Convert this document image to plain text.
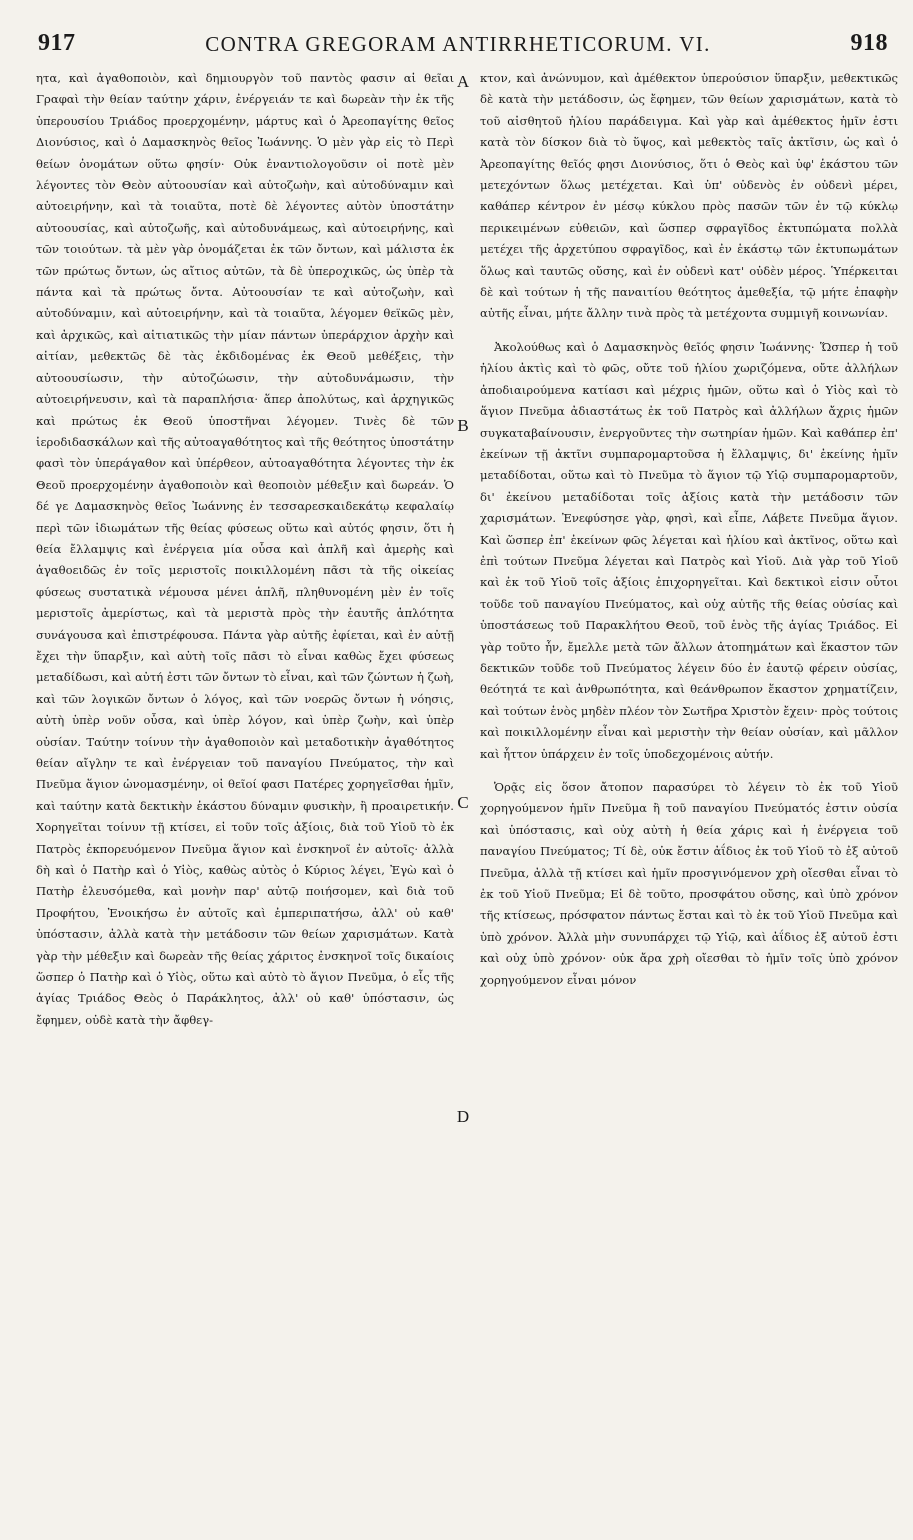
917	CONTRA GREGORAM ANTIRRHETICORUM. VI.	918

ητα, καὶ ἀγαθοποιὸν, καὶ δημιουργὸν τοῦ παντὸς φασιν αἱ θεῖαι Γραφαὶ τὴν θείαν ταύτην χάριν, ἐνέργειάν τε καὶ δωρεὰν τὴν ἐκ τῆς ὑπερουσίου Τριάδος προερχομένην, μάρτυς καὶ ὁ Ἀρεοπαγίτης θεῖος Διονύσιος, καὶ ὁ Δαμασκηνὸς θεῖος Ἰωάννης. Ὁ μὲν γὰρ εἰς τὸ Περὶ θείων ὀνομάτων οὕτω φησίν· Οὐκ ἐναντιολογοῦσιν οἱ ποτὲ μὲν λέγοντες τὸν Θεὸν αὐτοουσίαν καὶ αὐτοζωὴν, καὶ αὐτοδύναμιν καὶ αὐτοειρήνην, καὶ τὰ τοιαῦτα, ποτὲ δὲ λέγοντες αὐτὸν ὑποστάτην αὐτοουσίας, καὶ αὐτοζωῆς, καὶ αὐτοδυνάμεως, καὶ αὐτοειρήνης, καὶ τῶν τοιούτων. τὰ μὲν γὰρ ὀνομάζεται ἐκ τῶν ὄντων, καὶ μάλιστα ἐκ τῶν πρώτως ὄντων, ὡς αἴτιος αὐτῶν, τὰ δὲ ὑπεροχικῶς, ὡς ὑπὲρ τὰ πάντα καὶ τὰ πρώτως ὄντα. Αὐτοουσίαν τε καὶ αὐτοζωὴν, καὶ αὐτοδύναμιν, καὶ αὐτοειρήνην, καὶ τὰ τοιαῦτα, λέγομεν θεϊκῶς μὲν, καὶ ἀρχικῶς, καὶ αἰτιατικῶς τὴν μίαν πάντων ὑπεράρχιον ἀρχὴν καὶ αἰτίαν, μεθεκτῶς δὲ τὰς ἐκδιδομένας ἐκ Θεοῦ μεθέξεις, τὴν αὐτοουσίωσιν, τὴν αὐτοζώωσιν, τὴν αὐτοδυνάμωσιν, τὴν αὐτοειρήνευσιν, καὶ τὰ παραπλήσια· ἅπερ ἀπολύτως, καὶ ἀρχηγικῶς καὶ πρώτως ἐκ Θεοῦ ὑποστῆναι λέγομεν. Τινὲς δὲ τῶν ἱεροδιδασκάλων καὶ τῆς αὐτοαγαθότητος καὶ τῆς θεότητος ὑποστάτην φασὶ τὸν ὑπεράγαθον καὶ ὑπέρθεον, αὐτοαγαθότητα λέγοντες τὴν ἐκ Θεοῦ προερχομένην ἀγαθοποιὸν καὶ θεοποιὸν μέθεξιν καὶ δωρεάν. Ὁ δέ γε Δαμασκηνὸς θεῖος Ἰωάννης ἐν τεσσαρεσκαιδεκάτῳ κεφαλαίῳ περὶ τῶν ἰδιωμάτων τῆς θείας φύσεως οὕτω καὶ αὐτός φησιν, ὅτι ἡ θεία ἔλλαμψις καὶ ἐνέργεια μία οὖσα καὶ ἁπλῆ καὶ ἀμερὴς καὶ ἀγαθοειδῶς ἐν τοῖς μεριστοῖς ποικιλλομένη πᾶσι τὰ τῆς οἰκείας φύσεως συστατικὰ νέμουσα μένει ἁπλῆ, πληθυνομένη μὲν ἐν τοῖς μεριστοῖς ἀμερίστως, καὶ τὰ μεριστὰ πρὸς τὴν ἑαυτῆς ἁπλότητα συνάγουσα καὶ ἐπιστρέφουσα. Πάντα γὰρ αὐτῆς ἐφίεται, καὶ ἐν αὐτῇ ἔχει τὴν ὕπαρξιν, καὶ αὐτὴ τοῖς πᾶσι τὸ εἶναι καθὼς ἔχει φύσεως μεταδίδωσι, καὶ αὐτή ἐστι τῶν ὄντων τὸ εἶναι, καὶ τῶν ζώντων ἡ ζωὴ, καὶ τῶν λογικῶν ὄντων ὁ λόγος, καὶ τῶν νοερῶς ὄντων ἡ νόησις, αὐτὴ ὑπὲρ νοῦν οὖσα, καὶ ὑπὲρ λόγον, καὶ ὑπὲρ ζωὴν, καὶ ὑπὲρ οὐσίαν. Ταύτην τοίνυν τὴν ἀγαθοποιὸν καὶ μεταδοτικὴν ἀγαθότητος θείαν αἴγλην τε καὶ ἐνέργειαν τοῦ παναγίου Πνεύματος, τὴν καὶ Πνεῦμα ἅγιον ὠνομασμένην, οἱ θεῖοί φασι Πατέρες χορηγεῖσθαι ἡμῖν, καὶ ταύτην κατὰ δεκτικὴν ἑκάστου δύναμιν φυσικὴν, ἢ προαιρετικήν. Χορηγεῖται τοίνυν τῇ κτίσει, εἰ τοῦν τοῖς ἀξίοις, διὰ τοῦ Υἱοῦ τὸ ἐκ Πατρὸς ἐκπορευόμενον Πνεῦμα ἅγιον καὶ ἐνσκηνοῖ ἐν αὐτοῖς· ἀλλὰ δὴ καὶ ὁ Πατὴρ καὶ ὁ Υἱὸς, καθὼς αὐτὸς ὁ Κύριος λέγει, Ἐγὼ καὶ ὁ Πατὴρ ἐλευσόμεθα, καὶ μονὴν παρ' αὐτῷ ποιήσομεν, καὶ διὰ τοῦ Προφήτου, Ἐνοικήσω ἐν αὐτοῖς καὶ ἐμπεριπατήσω, ἀλλ' οὐ καθ' ὑπόστασιν, ἀλλὰ κατὰ τὴν μετάδοσιν τῶν θείων χαρισμάτων. Κατὰ γὰρ τὴν μέθεξιν καὶ δωρεὰν τῆς θείας χάριτος ἐνσκηνοῖ τοῖς δικαίοις ὥσπερ ὁ Πατὴρ καὶ ὁ Υἱὸς, οὕτω καὶ αὐτὸ τὸ ἅγιον Πνεῦμα, ὁ εἷς τῆς ἁγίας Τριάδος Θεὸς ὁ Παράκλητος, ἀλλ' οὐ καθ' ὑπόστασιν, ὡς ἔφημεν, οὐδὲ κατὰ τὴν ἄφθεγ-

A
B
C
D

κτον, καὶ ἀνώνυμον, καὶ ἀμέθεκτον ὑπερούσιον ὕπαρξιν, μεθεκτικῶς δὲ κατὰ τὴν μετάδοσιν, ὡς ἔφημεν, τῶν θείων χαρισμάτων, κατὰ τὸ τοῦ αἰσθητοῦ ἡλίου παράδειγμα. Καὶ γὰρ καὶ ἀμέθεκτος ἡμῖν ἐστι κατὰ τὸν δίσκον διὰ τὸ ὕψος, καὶ μεθεκτὸς ταῖς ἀκτῖσιν, ὡς καὶ ὁ Ἀρεοπαγίτης θεῖός φησι Διονύσιος, ὅτι ὁ Θεὸς καὶ ὑφ' ἑκάστου τῶν μετεχόντων ὅλως μετέχεται. Καὶ ὑπ' οὐδενὸς ἐν οὐδενὶ μέρει, καθάπερ κέντρον ἐν μέσῳ κύκλου πρὸς πασῶν τῶν ἐν τῷ κύκλῳ περικειμένων εὐθειῶν, καὶ ὥσπερ σφραγῖδος ἐκτυπώματα πολλὰ μετέχει τῆς ἀρχετύπου σφραγῖδος, καὶ ἐν ἑκάστῳ τῶν ἐκτυπωμάτων ὅλως καὶ ταυτῶς οὔσης, καὶ ἐν οὐδενὶ κατ' οὐδὲν μέρος. Ὑπέρκειται δὲ καὶ τούτων ἡ τῆς παναιτίου θεότητος ἀμεθεξία, τῷ μήτε ἐπαφὴν αὐτῆς εἶναι, μήτε ἄλλην τινὰ πρὸς τὰ μετέχοντα συμμιγῆ κοινωνίαν.

Ἀκολούθως καὶ ὁ Δαμασκηνὸς θεῖός φησιν Ἰωάννης· Ὥσπερ ἡ τοῦ ἡλίου ἀκτὶς καὶ τὸ φῶς, οὔτε τοῦ ἡλίου χωριζόμενα, οὔτε ἀλλήλων ἀποδιαιρούμενα κατίασι καὶ μέχρις ἡμῶν, οὕτω καὶ ὁ Υἱὸς καὶ τὸ ἅγιον Πνεῦμα ἀδιαστάτως ἐκ τοῦ Πατρὸς καὶ ἀλλήλων ἄχρις ἡμῶν συγκαταβαίνουσιν, ἐνεργοῦντες τὴν σωτηρίαν ἡμῶν. Καὶ καθάπερ ἐπ' ἐκείνων τῇ ἀκτῖνι συμπαρομαρτοῦσα ἡ ἔλλαμψις, δι' ἐκείνης ἡμῖν μεταδίδοται, οὕτω καὶ τὸ Πνεῦμα τὸ ἅγιον τῷ Υἱῷ συμπαρομαρτοῦν, δι' ἐκείνου μεταδίδοται τοῖς ἀξίοις κατὰ τὴν μετάδοσιν τῶν χαρισμάτων. Ἐνεφύσησε γὰρ, φησὶ, καὶ εἶπε, Λάβετε Πνεῦμα ἅγιον. Καὶ ὥσπερ ἐπ' ἐκείνων φῶς λέγεται καὶ ἡλίου καὶ ἀκτῖνος, οὕτω καὶ ἐπὶ τούτων Πνεῦμα λέγεται καὶ Πατρὸς καὶ Υἱοῦ. Διὰ γὰρ τοῦ Υἱοῦ καὶ ἐκ τοῦ Υἱοῦ τοῖς ἀξίοις ἐπιχορηγεῖται. Καὶ δεκτικοὶ εἰσιν οὗτοι τοῦδε τοῦ παναγίου Πνεύματος, καὶ οὐχ αὐτῆς τῆς θείας οὐσίας καὶ ὑποστάσεως τοῦ Παρακλήτου Θεοῦ, τοῦ ἑνὸς τῆς ἁγίας Τριάδος. Εἰ γὰρ τοῦτο ἦν, ἔμελλε μετὰ τῶν ἄλλων ἀτοπημάτων καὶ ἕκαστον τῶν δεκτικῶν τοῦδε τοῦ Πνεύματος λέγειν δύο ἐν ἑαυτῷ φέρειν οὐσίας, θεότητά τε καὶ ἀνθρωπότητα, καὶ θεάνθρωπον ἕκαστον χρηματίζειν, καὶ τούτων ἑνὸς μηδὲν πλέον τὸν Σωτῆρα Χριστὸν ἔχειν· πρὸς τούτοις καὶ ποικιλλομένην εἶναι καὶ μεριστὴν τὴν θείαν οὐσίαν, καὶ μᾶλλον καὶ ἧττον ὑπάρχειν ἐν τοῖς ὑποδεχομένοις αὐτήν.

Ὁρᾷς εἰς ὅσον ἄτοπον παρασύρει τὸ λέγειν τὸ ἐκ τοῦ Υἱοῦ χορηγούμενον ἡμῖν Πνεῦμα ἢ τοῦ παναγίου Πνεύματός ἐστιν οὐσία καὶ ὑπόστασις, καὶ οὐχ αὐτὴ ἡ θεία χάρις καὶ ἡ ἐνέργεια τοῦ παναγίου Πνεύματος; Τί δὲ, οὐκ ἔστιν ἀΐδιος ἐκ τοῦ Υἱοῦ τὸ ἐξ αὐτοῦ Πνεῦμα, ἀλλὰ τῇ κτίσει καὶ ἡμῖν προσγινόμενον χρὴ οἴεσθαι εἶναι τὸ ἐκ τοῦ Υἱοῦ Πνεῦμα; Εἰ δὲ τοῦτο, προσφάτου οὔσης, καὶ ὑπὸ χρόνον τῆς κτίσεως, πρόσφατον πάντως ἔσται καὶ τὸ ἐκ τοῦ Υἱοῦ Πνεῦμα καὶ ὑπὸ χρόνον. Ἀλλὰ μὴν συνυπάρχει τῷ Υἱῷ, καὶ ἀΐδιος ἐξ αὐτοῦ ἐστι καὶ οὐχ ὑπὸ χρόνον· οὐκ ἄρα χρὴ οἴεσθαι τὸ ἡμῖν τοῖς ὑπὸ χρόνον χορηγούμενον εἶναι μόνον
